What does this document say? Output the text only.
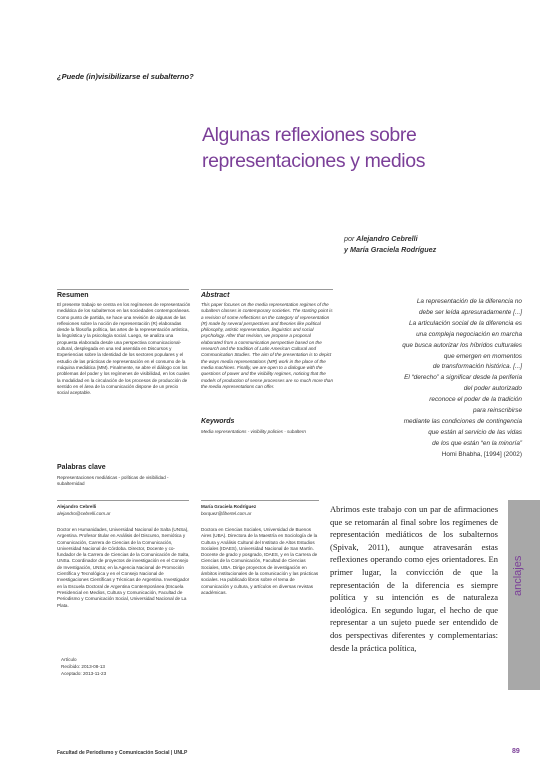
¿Puede (in)visibilizarse el subalterno?
Algunas reflexiones sobre
representaciones y medios
por Alejandro Cebrelli
y María Graciela Rodríguez
Resumen
El presente trabajo se centra en los regímenes de representación mediática de los subalternos en las sociedades contemporáneas. Como punto de partida, se hace una revisión de algunas de las reflexiones sobre la noción de representación (R) elaboradas desde la filosofía política, las artes de la representación artística, la lingüística y la psicología social. Luego, se analiza una propuesta elaborada desde una perspectiva comunicacional-cultural, desplegada en una red asentida en Discursos y Experiencias sobre la Identidad de los sectores populares y el estudio de las prácticas de representación en el consumo de la máquina mediática (MM). Finalmente, se abre el diálogo con los problemas del poder y los regímenes de visibilidad, en los cuales la modalidad en la circulación de los procesos de producción de sentido en el área de la comunicación dispone de un precio social aceptable.
Palabras clave
Representaciones mediáticas - políticas de visibilidad - subalternidad
Abstract
This paper focuses on the media representation regimes of the subaltern classes in contemporary societies. The starting point is a revision of some reflections on the category of representation (R) made by several perspectives and theories like political philosophy, artistic representation, linguistics and social psychology. After that revision, we propose a proposal elaborated from a communication perspective based on the research and the tradition of Latin American Cultural and Communication Studies. The aim of the presentation is to depict the ways media representations (MR) work in the place of the media machines. Finally, we are open to a dialogue with the questions of power and the visibility regimes, noticing that the models of production of sense processes are so much more than the media representations can offer.
Keywords
Media representations - visibility policies - subaltern
Alejandro Cebrelli
alejandro@cebrelli.com.ar
Doctor en Humanidades, Universidad Nacional de Salta (UNSa), Argentina. Profesor titular en Análisis del Discurso, Semiótica y Comunicación, Carrera de Ciencias de la Comunicación, Universidad Nacional de Córdoba. Director, Docente y co-fundador de la Carrera de Ciencias de la Comunicación de Salta, UNSa. Coordinador de proyectos de investigación en el Consejo de Investigación, UNSa; en la Agencia Nacional de Promoción Científica y Tecnológica y en el Consejo Nacional de Investigaciones Científicas y Técnicas de Argentina. Investigador en la Escuela Doctoral de Argentina Contemporánea (Escuela Presidencial en Medios, Cultura y Comunicación, Facultad de Periodismo y Comunicación Social, Universidad Nacional de La Plata.
María Graciela Rodríguez
borquez@fibertel.com.ar
Doctora en Ciencias Sociales, Universidad de Buenos Aires (UBA). Directora de la Maestría en Sociología de la Cultura y Análisis Cultural del Instituto de Altos Estudios Sociales (IDAES), Universidad Nacional de San Martín. Docente de grado y posgrado, IDAES, y en la Carrera de Ciencias de la Comunicación, Facultad de Ciencias Sociales, UBA. Dirige proyectos de investigación en ámbitos institucionales de la comunicación y las prácticas sociales. Ha publicado libros sobre el tema de comunicación y cultura, y artículos en diversas revistas académicas.
Artículo
Recibido: 2013-08-13
Aceptado: 2013-11-23
La representación de la diferencia no
debe ser leída apresuradamente [...]
La articulación social de la diferencia es
una compleja negociación en marcha
que busca autorizar los híbridos culturales
que emergen en momentos
de transformación histórica. [...]
El “derecho” a significar desde la periferia
del poder autorizado
reconoce el poder de la tradición
para reinscribirse
mediante las condiciones de contingencia
que están al servicio de las vidas
de los que están “en la minoría”
Homi Bhabha, [1994] (2002)
Abrimos este trabajo con un par de afirmaciones que se retomarán al final sobre los regímenes de representación mediáticos de los subalternos (Spivak, 2011), aunque atravesarán estas reflexiones operando como ejes orientadores. En primer lugar, la convicción de que la representación de la diferencia es siempre política y su intención es de naturaleza ideológica. En segundo lugar, el hecho de que representar a un sujeto puede ser entendido de dos perspectivas diferentes y complementarias: desde la práctica política,
anclajes
Facultad de Periodismo y Comunicación Social | UNLP	89
